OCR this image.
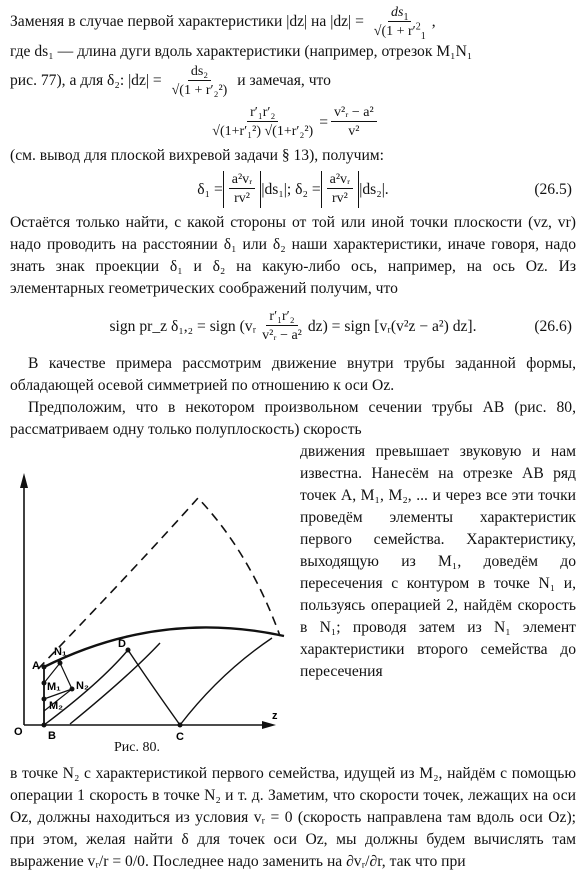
Заменяя в случае первой характеристики |dz| на $|dz| = \frac{ds_1}{√(1 + r'^2_1}$ ,

где ds₁ — длина дуги вдоль характеристики (например, отрезок M₁N₁

рис. 77), а для δ₂: $|dz| = \frac{\text{ds₂}}{\text{√(1 + r′₂²)}}$ и замечая, что

$\frac{\text{r′₁r′₂}}{\text{√(1+r′₁²) √(1+r′₂²)}} = \frac{\text{v²ᵣ − a²}}{\text{v²}}$

(см. вывод для плоской вихревой задачи § 13), получим:

$\delta_1 = \frac{\text{a²vᵣ}}{\text{rv²}} |ds_1|$; $\delta_2 = \frac{\text{a²vᵣ}}{\text{rv²}} |ds_2|$.	(26.5)

Остаётся только найти, с какой стороны от той или иной точки плоскости (vz, vr) надо проводить на расстоянии δ₁ или δ₂ наши характеристики, иначе говоря, надо знать знак проекции δ₁ и δ₂ на какую-либо ось, например, на ось Oz. Из элементарных геометрических соображений получим, что

sign pr_z δ₁,₂ = sign (vᵣ $\frac{\text{r′₁r′₂}}{\text{v²ᵣ − a²}} dz$) = sign [vᵣ(v²z − a²) dz].	(26.6)

В качестве примера рассмотрим движение внутри трубы заданной формы, обладающей осевой симметрией по отношению к оси Oz.

Предположим, что в некотором произвольном сечении трубы AB (рис. 80, рассматриваем одну только полуплоскость) скорость

A
B	C
D
O
N₁
N₂
M₁
M₂
z
Рис. 80.

движения превышает звуковую и нам известна. Нанесём на отрезке AB ряд точек A, M₁, M₂, ... и через все эти точки проведём элементы характеристик первого семейства. Характеристику, выходящую из M₁, доведём до пересечения с контуром в точке N₁ и, пользуясь операцией 2, найдём скорость в N₁; проводя затем из N₁ элемент характеристики второго семейства до пересечения

в точке N₂ с характеристикой первого семейства, идущей из M₂, найдём с помощью операции 1 скорость в точке N₂ и т. д. Заметим, что скорости точек, лежащих на оси Oz, должны находиться из условия vᵣ = 0 (скорость направлена там вдоль оси Oz); при этом, желая найти δ для точек оси Oz, мы должны будем вычислять там выражение vᵣ/r = 0/0. Последнее надо заменить на ∂vᵣ/∂r, так что при
